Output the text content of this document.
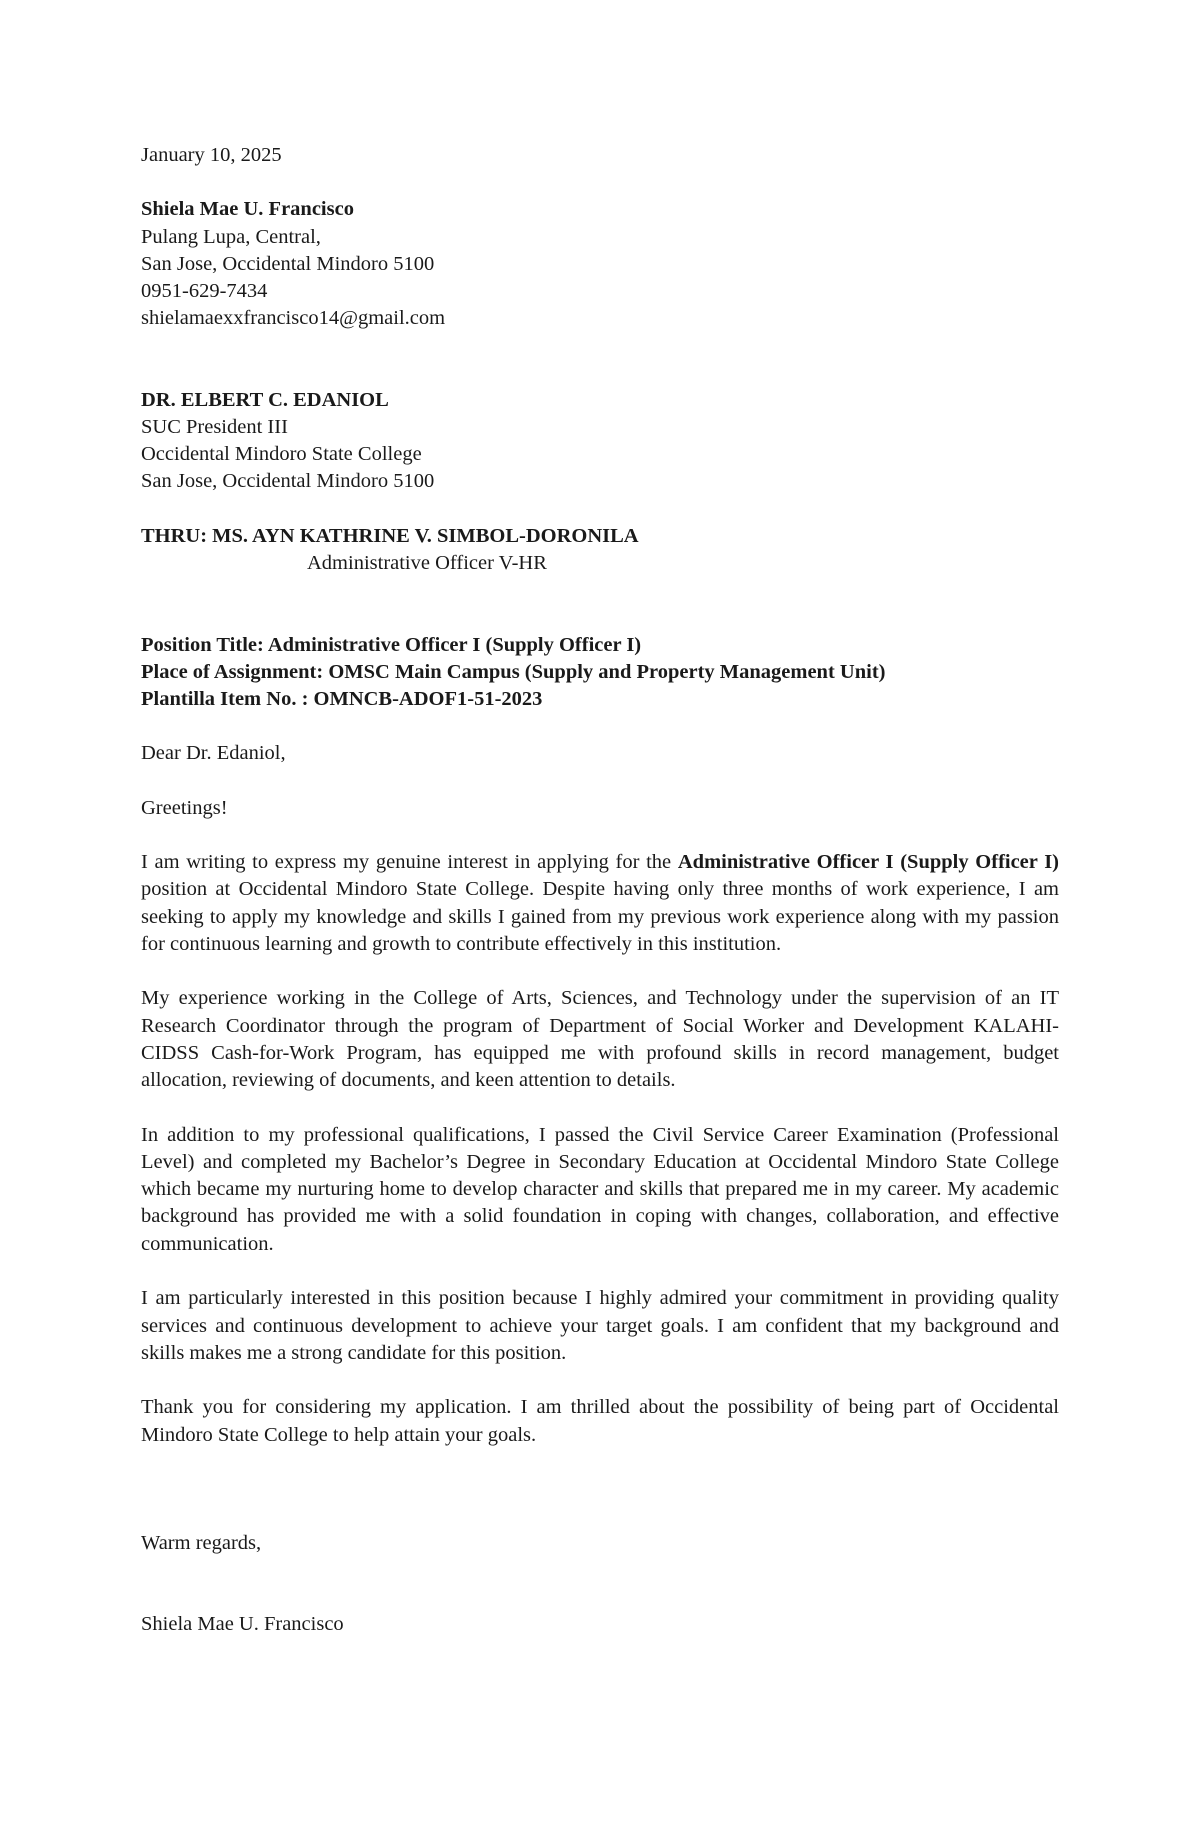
January 10, 2025
Shiela Mae U. Francisco
Pulang Lupa, Central,
San Jose, Occidental Mindoro 5100
0951-629-7434
shielamaexxfrancisco14@gmail.com
DR. ELBERT C. EDANIOL
SUC President III
Occidental Mindoro State College
San Jose, Occidental Mindoro 5100
THRU: MS. AYN KATHRINE V. SIMBOL-DORONILA
Administrative Officer V-HR
Position Title: Administrative Officer I (Supply Officer I)
Place of Assignment: OMSC Main Campus (Supply and Property Management Unit)
Plantilla Item No. : OMNCB-ADOF1-51-2023
Dear Dr. Edaniol,
Greetings!

I am writing to express my genuine interest in applying for the Administrative Officer I (Supply Officer I) position at Occidental Mindoro State College. Despite having only three months of work experience, I am seeking to apply my knowledge and skills I gained from my previous work experience along with my passion for continuous learning and growth to contribute effectively in this institution.

My experience working in the College of Arts, Sciences, and Technology under the supervision of an IT Research Coordinator through the program of Department of Social Worker and Development KALAHI-CIDSS Cash-for-Work Program, has equipped me with profound skills in record management, budget allocation, reviewing of documents, and keen attention to details.

In addition to my professional qualifications, I passed the Civil Service Career Examination (Professional Level) and completed my Bachelor’s Degree in Secondary Education at Occidental Mindoro State College which became my nurturing home to develop character and skills that prepared me in my career. My academic background has provided me with a solid foundation in coping with changes, collaboration, and effective communication.

I am particularly interested in this position because I highly admired your commitment in providing quality services and continuous development to achieve your target goals. I am confident that my background and skills makes me a strong candidate for this position.

Thank you for considering my application. I am thrilled about the possibility of being part of Occidental Mindoro State College to help attain your goals.

Warm regards,
Shiela Mae U. Francisco
